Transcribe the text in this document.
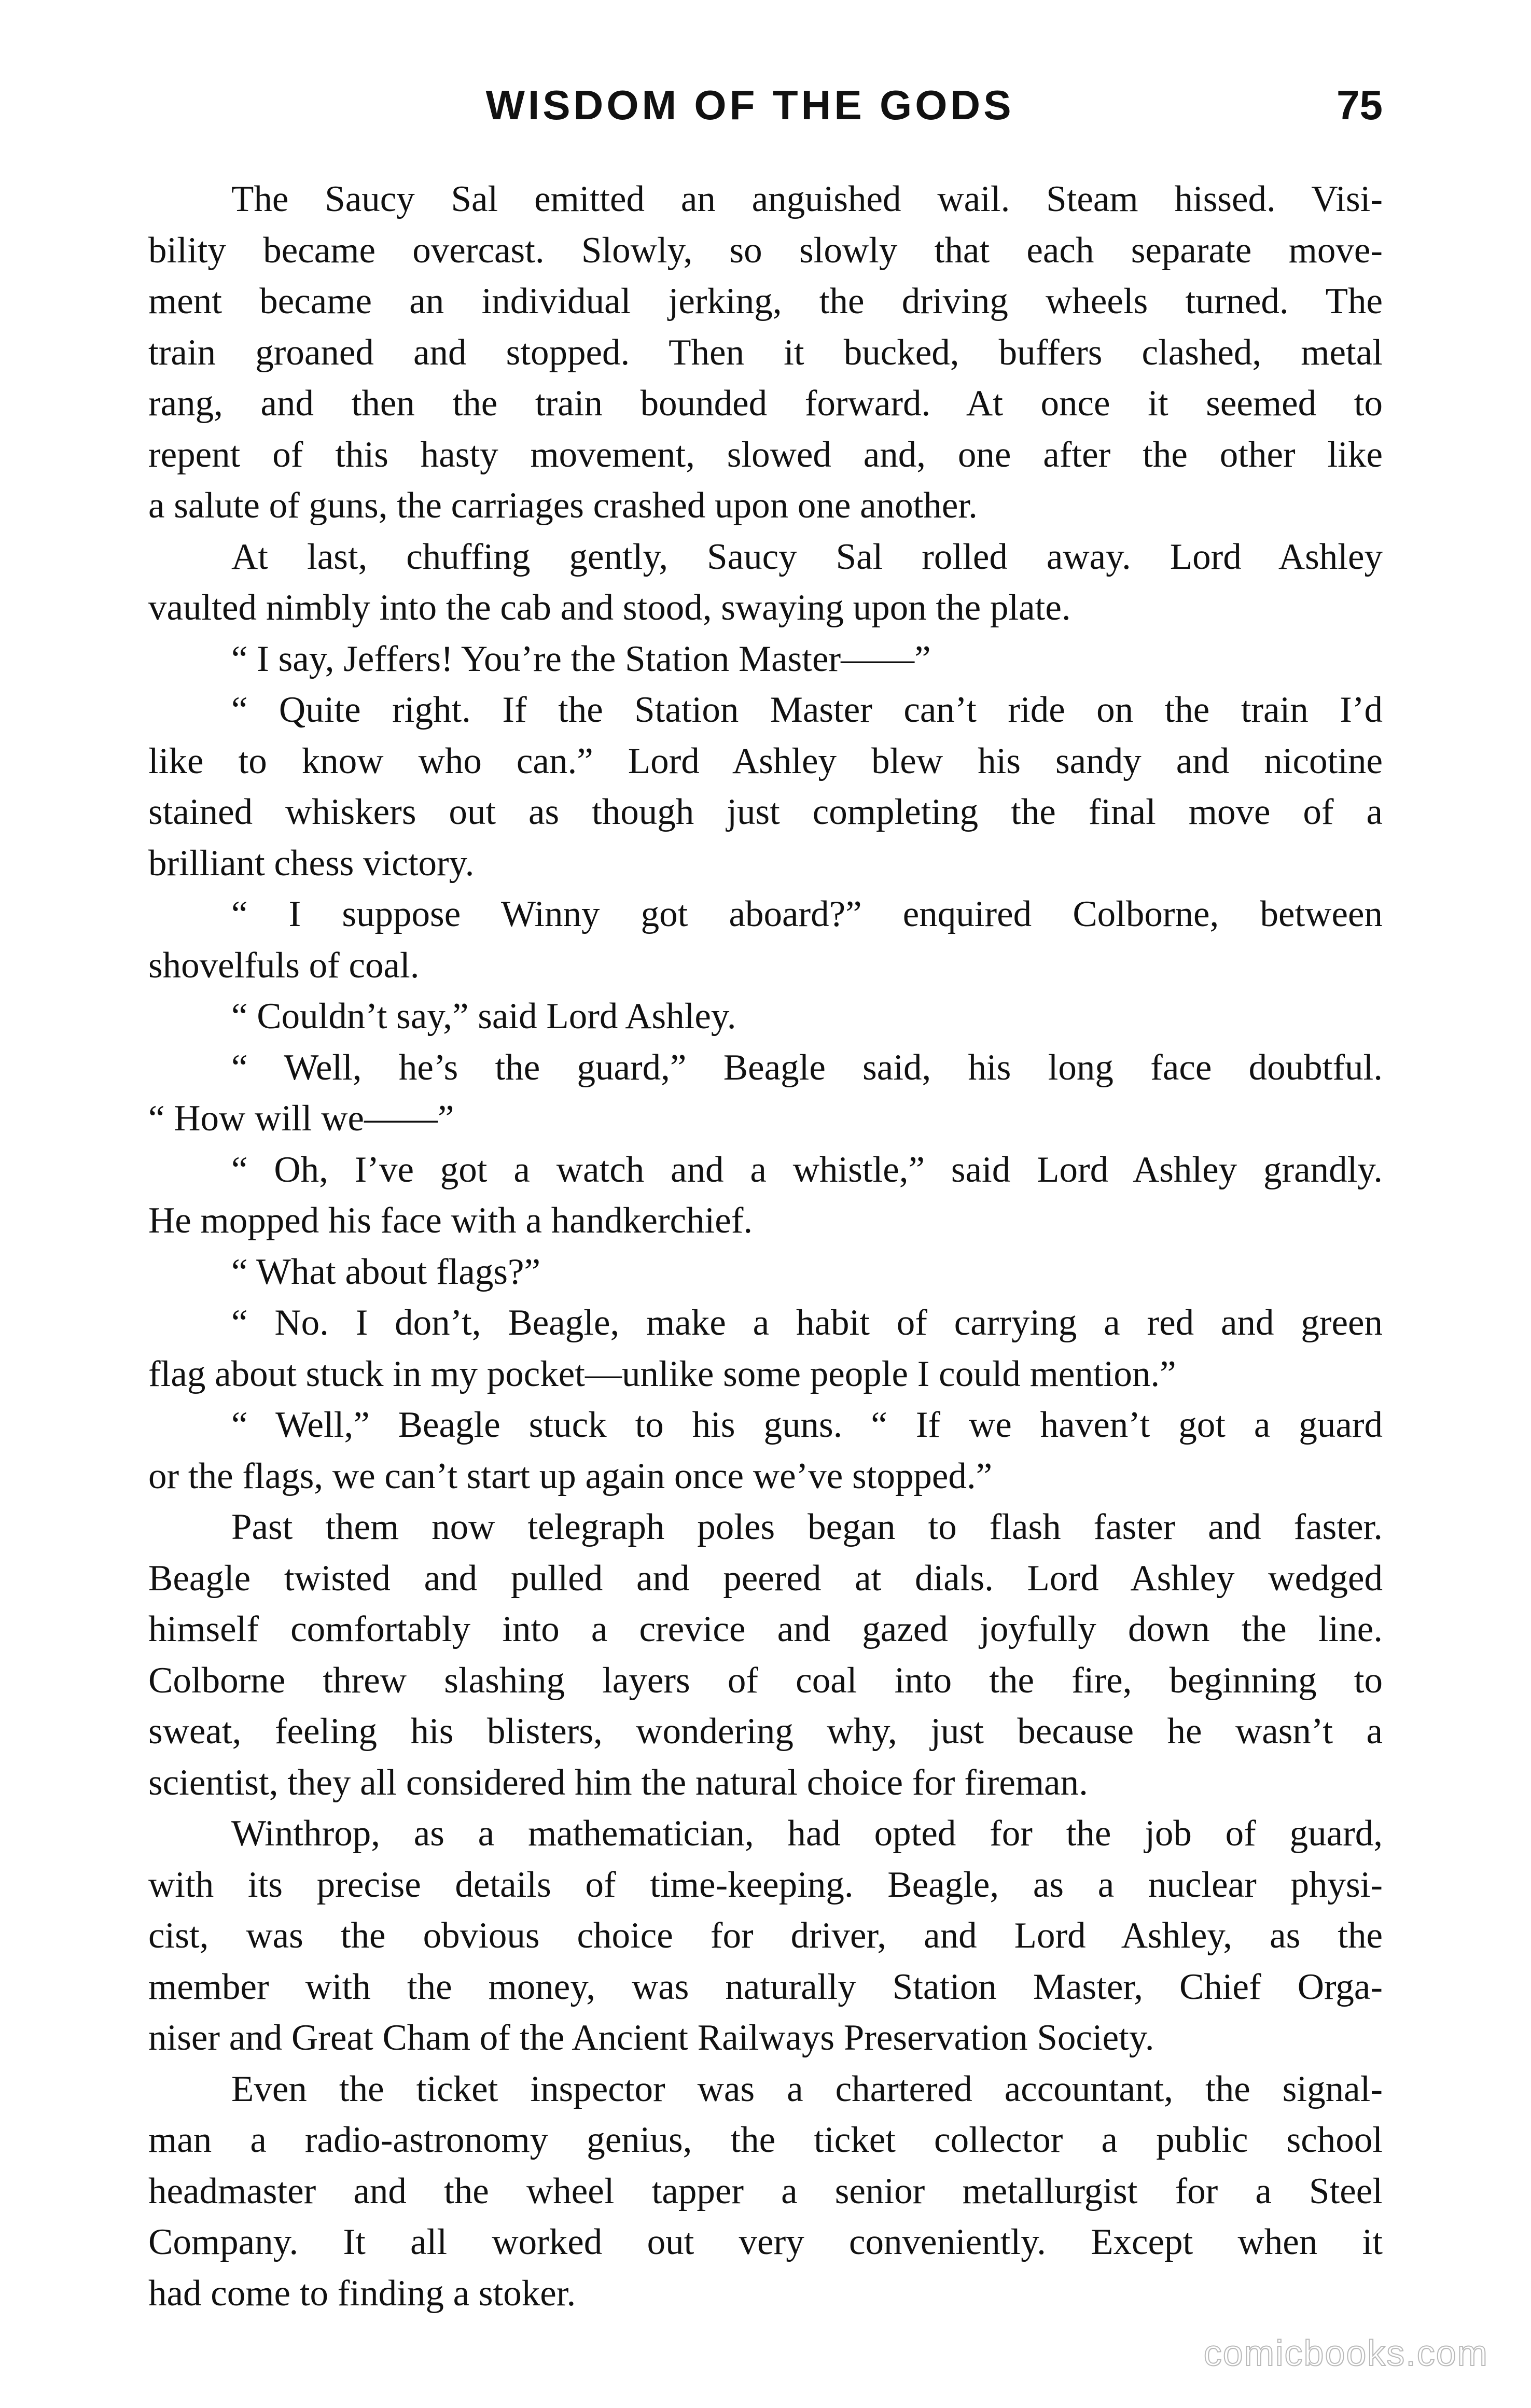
WISDOM OF THE GODS	75

The Saucy Sal emitted an anguished wail. Steam hissed. Visi-
bility became overcast. Slowly, so slowly that each separate move-
ment became an individual jerking, the driving wheels turned. The
train groaned and stopped. Then it bucked, buffers clashed, metal
rang, and then the train bounded forward. At once it seemed to
repent of this hasty movement, slowed and, one after the other like
a salute of guns, the carriages crashed upon one another.

At last, chuffing gently, Saucy Sal rolled away. Lord Ashley
vaulted nimbly into the cab and stood, swaying upon the plate.

“ I say, Jeffers! You’re the Station Master——”

“ Quite right. If the Station Master can’t ride on the train I’d
like to know who can.” Lord Ashley blew his sandy and nicotine
stained whiskers out as though just completing the final move of a
brilliant chess victory.

“ I suppose Winny got aboard?” enquired Colborne, between
shovelfuls of coal.

“ Couldn’t say,” said Lord Ashley.

“ Well, he’s the guard,” Beagle said, his long face doubtful.
“ How will we——”

“ Oh, I’ve got a watch and a whistle,” said Lord Ashley grandly.
He mopped his face with a handkerchief.

“ What about flags?”

“ No. I don’t, Beagle, make a habit of carrying a red and green
flag about stuck in my pocket—unlike some people I could mention.”

“ Well,” Beagle stuck to his guns. “ If we haven’t got a guard
or the flags, we can’t start up again once we’ve stopped.”

Past them now telegraph poles began to flash faster and faster.
Beagle twisted and pulled and peered at dials. Lord Ashley wedged
himself comfortably into a crevice and gazed joyfully down the line.
Colborne threw slashing layers of coal into the fire, beginning to
sweat, feeling his blisters, wondering why, just because he wasn’t a
scientist, they all considered him the natural choice for fireman.

Winthrop, as a mathematician, had opted for the job of guard,
with its precise details of time-keeping. Beagle, as a nuclear physi-
cist, was the obvious choice for driver, and Lord Ashley, as the
member with the money, was naturally Station Master, Chief Orga-
niser and Great Cham of the Ancient Railways Preservation Society.

Even the ticket inspector was a chartered accountant, the signal-
man a radio-astronomy genius, the ticket collector a public school
headmaster and the wheel tapper a senior metallurgist for a Steel
Company. It all worked out very conveniently. Except when it
had come to finding a stoker.

comicbooks.com
